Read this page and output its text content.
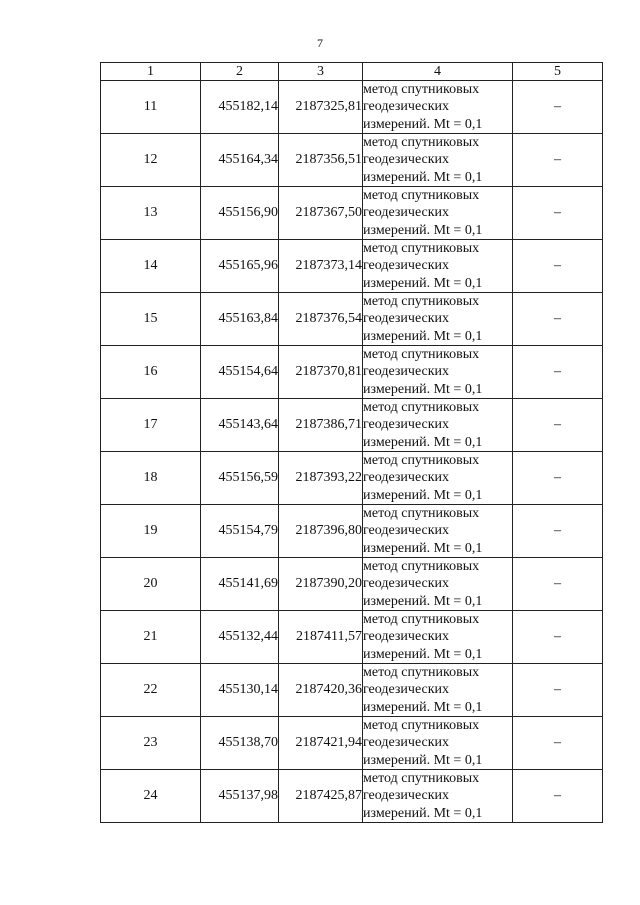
7
1	2	3	4	5
11	455182,14	2187325,81	метод спутниковых
геодезических
измерений. Mt = 0,1	–
12	455164,34	2187356,51	метод спутниковых
геодезических
измерений. Mt = 0,1	–
13	455156,90	2187367,50	метод спутниковых
геодезических
измерений. Mt = 0,1	–
14	455165,96	2187373,14	метод спутниковых
геодезических
измерений. Mt = 0,1	–
15	455163,84	2187376,54	метод спутниковых
геодезических
измерений. Mt = 0,1	–
16	455154,64	2187370,81	метод спутниковых
геодезических
измерений. Mt = 0,1	–
17	455143,64	2187386,71	метод спутниковых
геодезических
измерений. Mt = 0,1	–
18	455156,59	2187393,22	метод спутниковых
геодезических
измерений. Mt = 0,1	–
19	455154,79	2187396,80	метод спутниковых
геодезических
измерений. Mt = 0,1	–
20	455141,69	2187390,20	метод спутниковых
геодезических
измерений. Mt = 0,1	–
21	455132,44	2187411,57	метод спутниковых
геодезических
измерений. Mt = 0,1	–
22	455130,14	2187420,36	метод спутниковых
геодезических
измерений. Mt = 0,1	–
23	455138,70	2187421,94	метод спутниковых
геодезических
измерений. Mt = 0,1	–
24	455137,98	2187425,87	метод спутниковых
геодезических
измерений. Mt = 0,1	–
